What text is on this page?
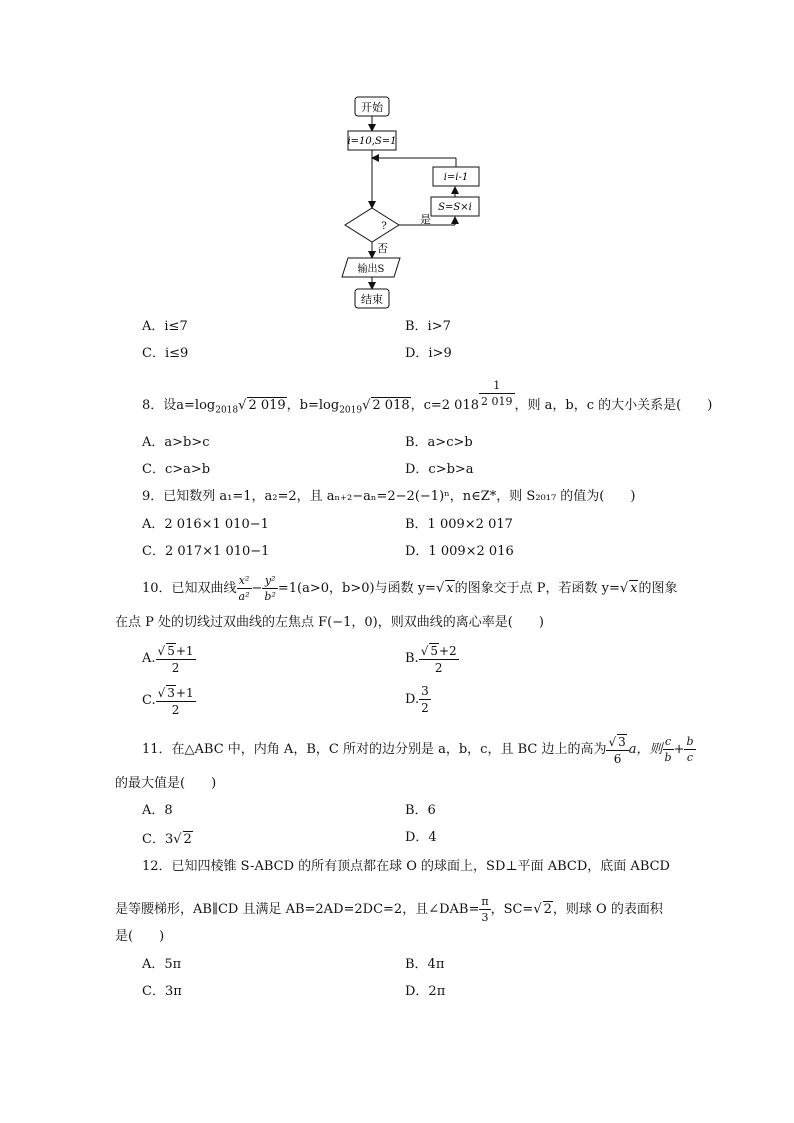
开始
i=10,S=1
?
是
S=S×i
i=i-1
否
输出S
结束
A．i≤7	B．i>7
C．i≤9	D．i>9
8．设$a=\log_{2018}√$ 2 019，$b=\log_{2019}√$ 2 018，c=2 $018 \frac{1}{2 019}$ ，则 a，b，c 的大小关系是(　　)
A．a>b>c	B．a>c>b
C．c>a>b	D．c>b>a
9．已知数列 a₁=1，a₂=2，且 aₙ₊₂−aₙ=2−2(−1)ⁿ，n∈Z*，则 S₂₀₁₇ 的值为(　　)
A．2 016×1 010−1	B．1 009×2 017
C．2 017×1 010−1	D．1 009×2 016
10．已知双曲线 $\frac{\text{x²}}{\text{a²}} - \frac{\text{y²}}{\text{b²}} =1(a>0$，b>0)与函数 y=√ x的图象交于点 P，若函数 y=√ x的图象
在点 P 处的切线过双曲线的左焦点 F(−1，0)，则双曲线的离心率是(　　)
A. $\frac{√ 5+1}{2}$	B. $\frac{√ 5+2}{2}$
C. $\frac{√ 3+1}{2}$	D. $\frac{3}{2}$
11．在△ABC 中，内角 A，B，C 所对的边分别是 a，b，c，且 BC 边上的高为 $\frac{√ 3}{6}$ a，则 $\frac{c}{b} + \frac{b}{c}$
的最大值是(　　)
A．8	B．6
C．3√ 2	D．4
12．已知四棱锥 S-ABCD 的所有顶点都在球 O 的球面上，SD⊥平面 ABCD，底面 ABCD
是等腰梯形，AB∥CD 且满足 AB=2AD=2DC=2，且∠DAB= $\frac{\pi}{3}$ ，SC=√ 2，则球 O 的表面积
是(　　)
A．5π	B．4π
C．3π	D．2π
